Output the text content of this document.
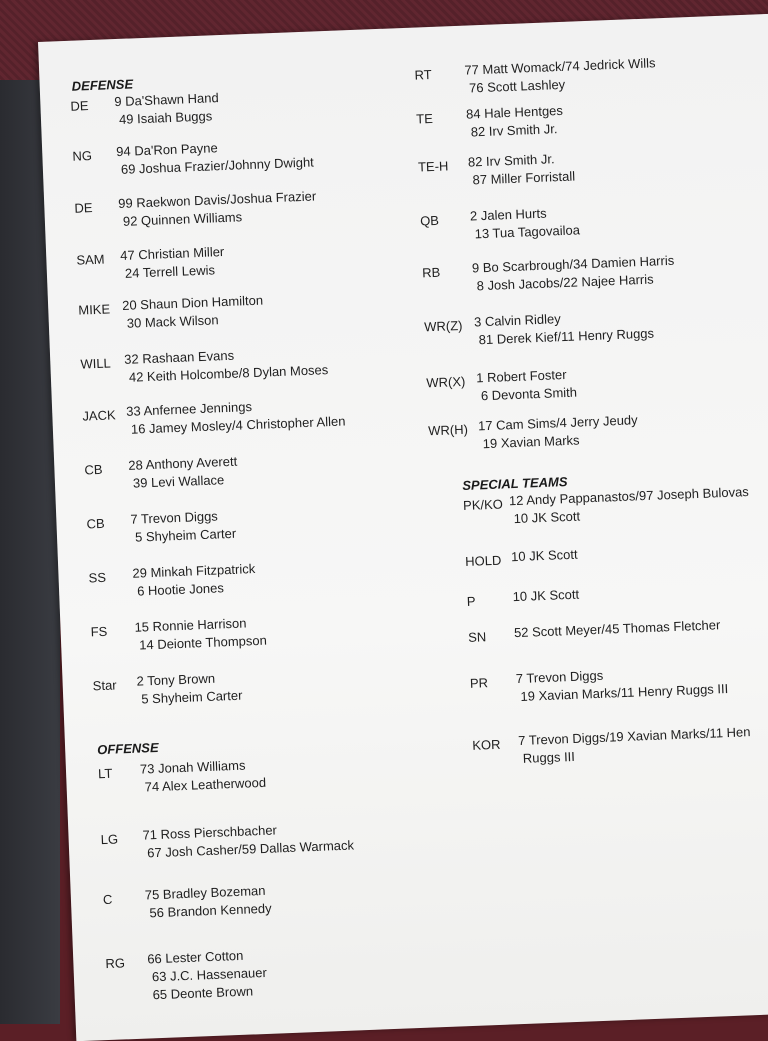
DEFENSE
DE 9 Da'Shawn Hand
49 Isaiah Buggs
NG 94 Da'Ron Payne
69 Joshua Frazier/Johnny Dwight
DE 99 Raekwon Davis/Joshua Frazier
92 Quinnen Williams
SAM 47 Christian Miller
24 Terrell Lewis
MIKE 20 Shaun Dion Hamilton
30 Mack Wilson
WILL 32 Rashaan Evans
42 Keith Holcombe/8 Dylan Moses
JACK 33 Anfernee Jennings
16 Jamey Mosley/4 Christopher Allen
CB 28 Anthony Averett
39 Levi Wallace
CB 7 Trevon Diggs
5 Shyheim Carter
SS 29 Minkah Fitzpatrick
6 Hootie Jones
FS 15 Ronnie Harrison
14 Deionte Thompson
Star 2 Tony Brown
5 Shyheim Carter
OFFENSE
LT 73 Jonah Williams
74 Alex Leatherwood
LG 71 Ross Pierschbacher
67 Josh Casher/59 Dallas Warmack
C 75 Bradley Bozeman
56 Brandon Kennedy
RG 66 Lester Cotton
63 J.C. Hassenauer
65 Deonte Brown
RT 77 Matt Womack/74 Jedrick Wills
76 Scott Lashley
TE	84 Hale Hentges
82 Irv Smith Jr.
TE-H 82 Irv Smith Jr.
87 Miller Forristall
QB 2 Jalen Hurts
13 Tua Tagovailoa
RB 9 Bo Scarbrough/34 Damien Harris
8 Josh Jacobs/22 Najee Harris
WR(Z) 3 Calvin Ridley
81 Derek Kief/11 Henry Ruggs
WR(X) 1 Robert Foster
6 Devonta Smith
WR(H) 17 Cam Sims/4 Jerry Jeudy
19 Xavian Marks
SPECIAL TEAMS
PK/KO 12 Andy Pappanastos/97 Joseph Bulovas
10 JK Scott
HOLD 10 JK Scott
P	10 JK Scott
SN 52 Scott Meyer/45 Thomas Fletcher
PR 7 Trevon Diggs
19 Xavian Marks/11 Henry Ruggs III
KOR 7 Trevon Diggs/19 Xavian Marks/11 Hen
Ruggs III
